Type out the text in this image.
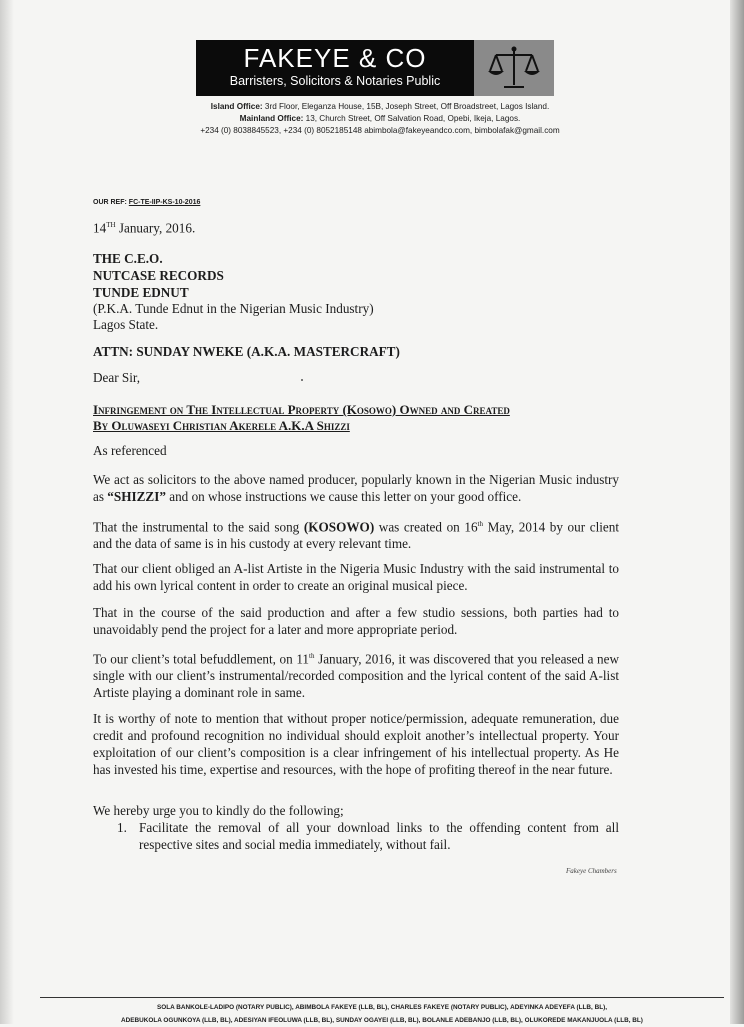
FAKEYE & CO
Barristers, Solicitors & Notaries Public
Island Office: 3rd Floor, Eleganza House, 15B, Joseph Street, Off Broadstreet, Lagos Island.
Mainland Office: 13, Church Street, Off Salvation Road, Opebi, Ikeja, Lagos.
+234 (0) 8038845523, +234 (0) 8052185148 abimbola@fakeyeandco.com, bimbolafak@gmail.com
OUR REF: FC-TE-IIP-KS-10-2016
14TH January, 2016.
THE C.E.O.
NUTCASE RECORDS
TUNDE EDNUT
(P.K.A. Tunde Ednut in the Nigerian Music Industry)
Lagos State.
ATTN: SUNDAY NWEKE (A.K.A. MASTERCRAFT)
Dear Sir,
Infringement on The Intellectual Property (Kosowo) Owned and Created
By Oluwaseyi Christian Akerele A.K.A Shizzi
As referenced
We act as solicitors to the above named producer, popularly known in the Nigerian Music industry as “SHIZZI” and on whose instructions we cause this letter on your good office.
That the instrumental to the said song (KOSOWO) was created on 16th May, 2014 by our client and the data of same is in his custody at every relevant time.
That our client obliged an A-list Artiste in the Nigeria Music Industry with the said instrumental to add his own lyrical content in order to create an original musical piece.
That in the course of the said production and after a few studio sessions, both parties had to unavoidably pend the project for a later and more appropriate period.
To our client’s total befuddlement, on 11th January, 2016, it was discovered that you released a new single with our client’s instrumental/recorded composition and the lyrical content of the said A-list Artiste playing a dominant role in same.
It is worthy of note to mention that without proper notice/permission, adequate remuneration, due credit and profound recognition no individual should exploit another’s intellectual property. Your exploitation of our client’s composition is a clear infringement of his intellectual property. As He has invested his time, expertise and resources, with the hope of profiting thereof in the near future.
We hereby urge you to kindly do the following;
1. Facilitate the removal of all your download links to the offending content from all respective sites and social media immediately, without fail.
Fakeye Chambers
SOLA BANKOLE-LADIPO (NOTARY PUBLIC), ABIMBOLA FAKEYE (LLB, BL), CHARLES FAKEYE (NOTARY PUBLIC), ADEYINKA ADEYEFA (LLB, BL),
ADEBUKOLA OGUNKOYA (LLB, BL), ADESIYAN IFEOLUWA (LLB, BL), SUNDAY OGAYEI (LLB, BL), BOLANLE ADEBANJO (LLB, BL), OLUKOREDE MAKANJUOLA (LLB, BL)
